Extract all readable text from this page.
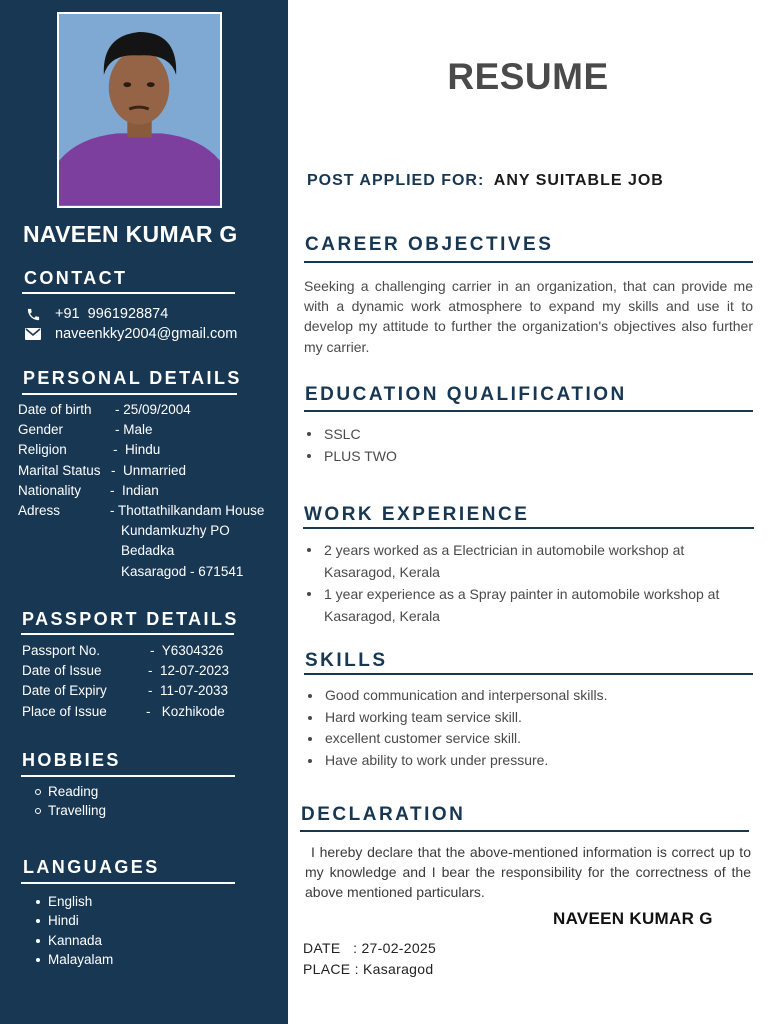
NAVEEN KUMAR G
CONTACT
+91  9961928874
naveenkky2004@gmail.com
PERSONAL DETAILS
Date of birth	- 25/09/2004
Gender	- Male
Religion	-  Hindu
Marital Status -  Unmarried
Nationality	-  Indian
Adress	- Thottathilkandam House
Kundamkuzhy PO
Bedadka
Kasaragod - 671541
PASSPORT DETAILS
Passport No.	-  Y6304326
Date of Issue	-  12-07-2023
Date of Expiry	-  11-07-2033
Place of Issue	-   Kozhikode
HOBBIES
Reading
Travelling
LANGUAGES
English
Hindi
Kannada
Malayalam
RESUME
POST APPLIED FOR: ANY SUITABLE JOB
CAREER OBJECTIVES
Seeking a challenging carrier in an organization, that can provide me with a dynamic work atmosphere to expand my skills and use it to develop my attitude to further the organization's objectives also further my carrier.
EDUCATION QUALIFICATION
SSLC
PLUS TWO
WORK EXPERIENCE
2 years worked as a Electrician in automobile workshop at Kasaragod, Kerala
1 year experience as a Spray painter in automobile workshop at Kasaragod, Kerala
SKILLS
Good communication and interpersonal skills.
Hard working team service skill.
excellent customer service skill.
Have ability to work under pressure.
DECLARATION
I hereby declare that the above-mentioned information is correct up to my knowledge and I bear the responsibility for the correctness of the above mentioned particulars.
NAVEEN KUMAR G
DATE   : 27-02-2025
PLACE : Kasaragod
